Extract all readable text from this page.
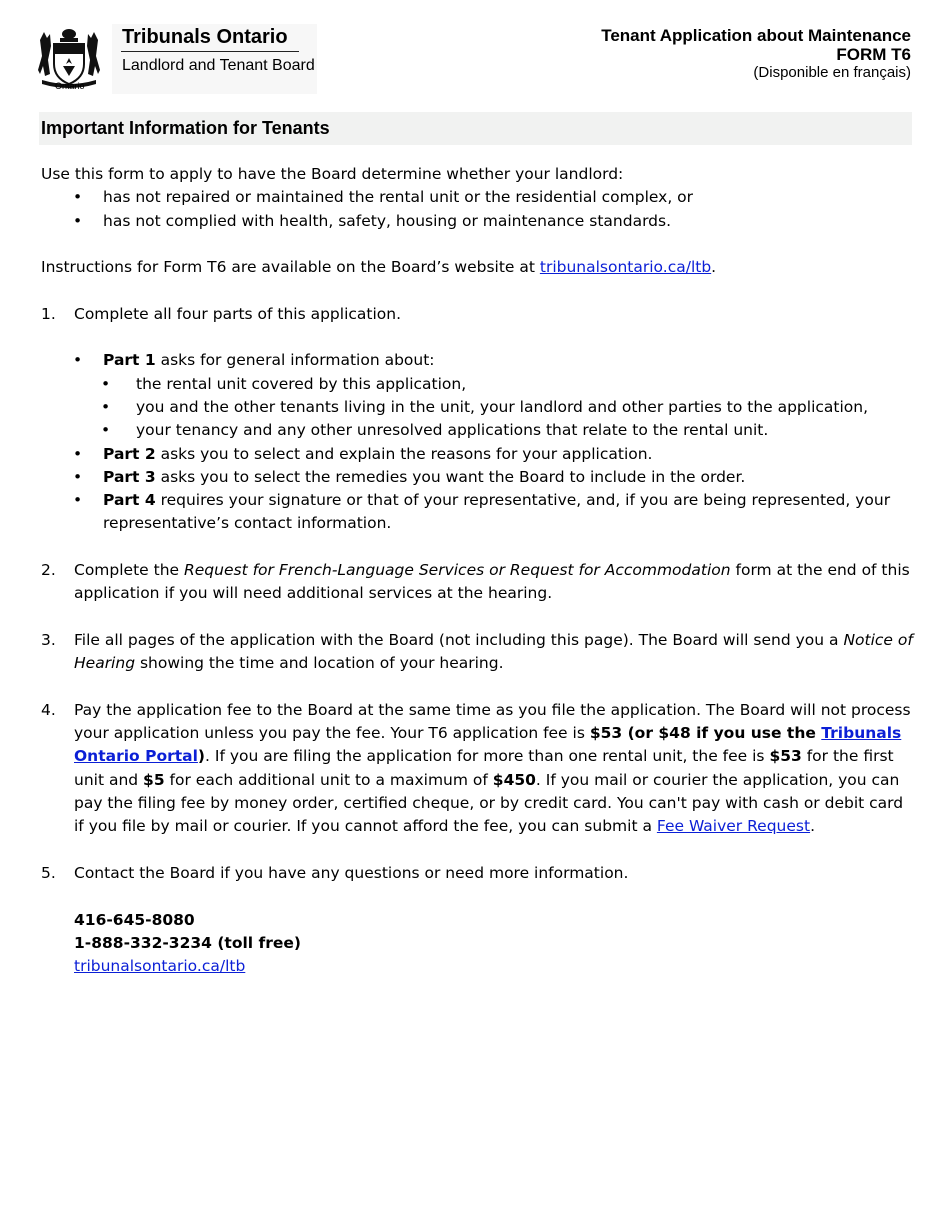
Ontario
Tribunals Ontario
Landlord and Tenant Board
Tenant Application about Maintenance
FORM T6
(Disponible en français)
Important Information for Tenants

Use this form to apply to have the Board determine whether your landlord:

• has not repaired or maintained the rental unit or the residential complex, or
• has not complied with health, safety, housing or maintenance standards.

Instructions for Form T6 are available on the Board’s website at tribunalsontario.ca/ltb.

1. Complete all four parts of this application.
• Part 1 asks for general information about:
• the rental unit covered by this application,
• you and the other tenants living in the unit, your landlord and other parties to the application,
• your tenancy and any other unresolved applications that relate to the rental unit.
• Part 2 asks you to select and explain the reasons for your application.
• Part 3 asks you to select the remedies you want the Board to include in the order.
• Part 4 requires your signature or that of your representative, and, if you are being represented, your representative’s contact information.
2. Complete the Request for French-Language Services or Request for Accommodation form at the end of this application if you will need additional services at the hearing.
3. File all pages of the application with the Board (not including this page). The Board will send you a Notice of Hearing showing the time and location of your hearing.
4. Pay the application fee to the Board at the same time as you file the application. The Board will not process your application unless you pay the fee. Your T6 application fee is $53 (or $48 if you use the Tribunals Ontario Portal). If you are filing the application for more than one rental unit, the fee is $53 for the first unit and $5 for each additional unit to a maximum of $450. If you mail or courier the application, you can pay the filing fee by money order, certified cheque, or by credit card. You can't pay with cash or debit card if you file by mail or courier. If you cannot afford the fee, you can submit a Fee Waiver Request.
5. Contact the Board if you have any questions or need more information.
416-645-8080
1-888-332-3234 (toll free)
tribunalsontario.ca/ltb
